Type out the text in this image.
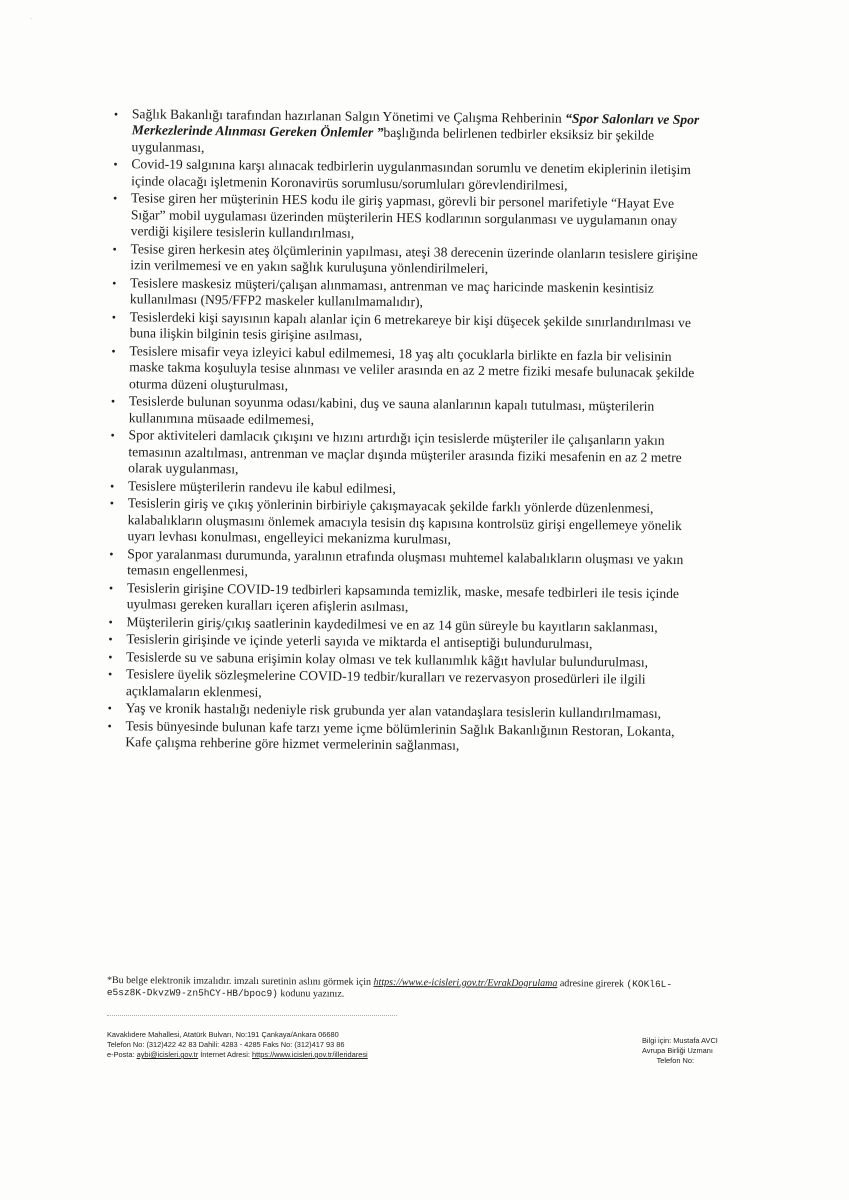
.
• Sağlık Bakanlığı tarafından hazırlanan Salgın Yönetimi ve Çalışma Rehberinin “Spor Salonları ve Spor Merkezlerinde Alınması Gereken Önlemler ”başlığında belirlenen tedbirler eksiksiz bir şekilde uygulanması,
• Covid-19 salgınına karşı alınacak tedbirlerin uygulanmasından sorumlu ve denetim ekiplerinin iletişim içinde olacağı işletmenin Koronavirüs sorumlusu/sorumluları görevlendirilmesi,
• Tesise giren her müşterinin HES kodu ile giriş yapması, görevli bir personel marifetiyle “Hayat Eve Sığar” mobil uygulaması üzerinden müşterilerin HES kodlarının sorgulanması ve uygulamanın onay verdiği kişilere tesislerin kullandırılması,
• Tesise giren herkesin ateş ölçümlerinin yapılması, ateşi 38 derecenin üzerinde olanların tesislere girişine izin verilmemesi ve en yakın sağlık kuruluşuna yönlendirilmeleri,
• Tesislere maskesiz müşteri/çalışan alınmaması, antrenman ve maç haricinde maskenin kesintisiz kullanılması (N95/FFP2 maskeler kullanılmamalıdır),
• Tesislerdeki kişi sayısının kapalı alanlar için 6 metrekareye bir kişi düşecek şekilde sınırlandırılması ve buna ilişkin bilginin tesis girişine asılması,
• Tesislere misafir veya izleyici kabul edilmemesi, 18 yaş altı çocuklarla birlikte en fazla bir velisinin maske takma koşuluyla tesise alınması ve veliler arasında en az 2 metre fiziki mesafe bulunacak şekilde oturma düzeni oluşturulması,
• Tesislerde bulunan soyunma odası/kabini, duş ve sauna alanlarının kapalı tutulması, müşterilerin kullanımına müsaade edilmemesi,
• Spor aktiviteleri damlacık çıkışını ve hızını artırdığı için tesislerde müşteriler ile çalışanların yakın temasının azaltılması, antrenman ve maçlar dışında müşteriler arasında fiziki mesafenin en az 2 metre olarak uygulanması,
• Tesislere müşterilerin randevu ile kabul edilmesi,
• Tesislerin giriş ve çıkış yönlerinin birbiriyle çakışmayacak şekilde farklı yönlerde düzenlenmesi, kalabalıkların oluşmasını önlemek amacıyla tesisin dış kapısına kontrolsüz girişi engellemeye yönelik uyarı levhası konulması, engelleyici mekanizma kurulması,
• Spor yaralanması durumunda, yaralının etrafında oluşması muhtemel kalabalıkların oluşması ve yakın temasın engellenmesi,
• Tesislerin girişine COVID-19 tedbirleri kapsamında temizlik, maske, mesafe tedbirleri ile tesis içinde uyulması gereken kuralları içeren afişlerin asılması,
• Müşterilerin giriş/çıkış saatlerinin kaydedilmesi ve en az 14 gün süreyle bu kayıtların saklanması,
• Tesislerin girişinde ve içinde yeterli sayıda ve miktarda el antiseptiği bulundurulması,
• Tesislerde su ve sabuna erişimin kolay olması ve tek kullanımlık kâğıt havlular bulundurulması,
• Tesislere üyelik sözleşmelerine COVID-19 tedbir/kuralları ve rezervasyon prosedürleri ile ilgili açıklamaların eklenmesi,
• Yaş ve kronik hastalığı nedeniyle risk grubunda yer alan vatandaşlara tesislerin kullandırılmaması,
• Tesis bünyesinde bulunan kafe tarzı yeme içme bölümlerinin Sağlık Bakanlığının Restoran, Lokanta, Kafe çalışma rehberine göre hizmet vermelerinin sağlanması,
*Bu belge elektronik imzalıdır. imzalı suretinin aslını görmek için https://www.e-icisleri.gov.tr/EvrakDogrulama adresine girerek (KOKl6L-e5sz8K-DkvzW9-zn5hCY-HB/bpoc9) kodunu yazınız.
Kavaklıdere Mahallesi, Atatürk Bulvarı, No:191 Çankaya/Ankara 06680
Telefon No: (312)422 42 83 Dahili: 4283 - 4285 Faks No: (312)417 93 86
e-Posta: aybi@icisleri.gov.tr İnternet Adresi: https://www.icisleri.gov.tr/illeridaresi
Bilgi için: Mustafa AVCI
Avrupa Birliği Uzmanı
Telefon No:
